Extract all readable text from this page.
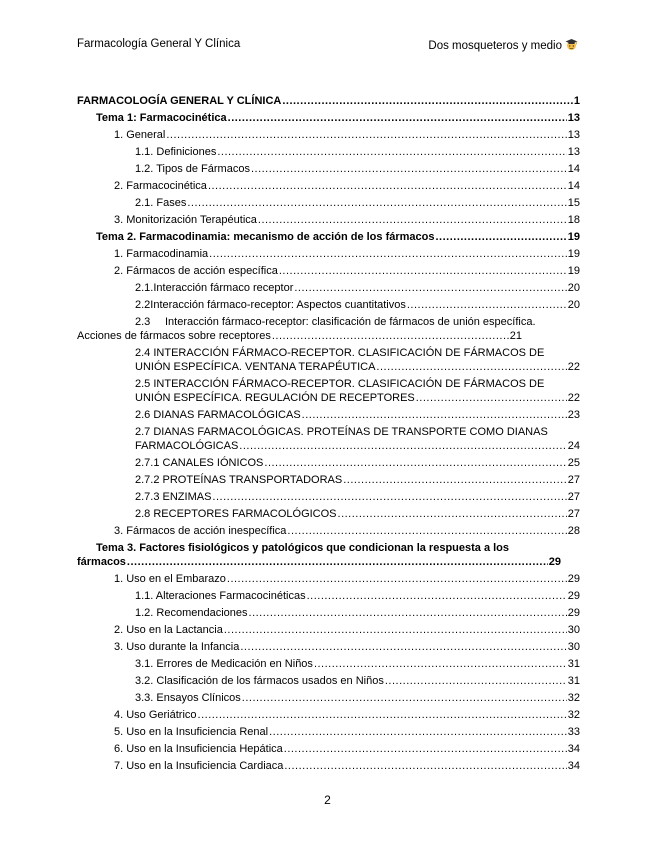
Farmacología General Y Clínica	Dos mosqueteros y medio
FARMACOLOGÍA GENERAL Y CLÍNICA .....	1
Tema 1: Farmacocinética .....	13
1. General .....	13
1.1. Definiciones .....	13
1.2. Tipos de Fármacos .....	14
2. Farmacocinética .....	14
2.1. Fases .....	15
3. Monitorización Terapéutica .....	18
Tema 2. Farmacodinamia: mecanismo de acción de los fármacos .....	19
1. Farmacodinamia .....	19
2. Fármacos de acción específica .....	19
2.1. Interacción fármaco receptor .....	20
2.2 Interacción fármaco-receptor: Aspectos cuantitativos .....	20
2.3 Interacción fármaco-receptor: clasificación de fármacos de unión específica.
Acciones de fármacos sobre receptores .....	21
2.4 INTERACCIÓN FÁRMACO-RECEPTOR. CLASIFICACIÓN DE FÁRMACOS DE
UNIÓN ESPECÍFICA. VENTANA TERAPÉUTICA .....	22
2.5 INTERACCIÓN FÁRMACO-RECEPTOR. CLASIFICACIÓN DE FÁRMACOS DE
UNIÓN ESPECÍFICA. REGULACIÓN DE RECEPTORES .....	22
2.6 DIANAS FARMACOLÓGICAS .....	23
2.7 DIANAS FARMACOLÓGICAS. PROTEÍNAS DE TRANSPORTE COMO DIANAS
FARMACOLÓGICAS .....	24
2.7.1 CANALES IÓNICOS .....	25
2.7.2 PROTEÍNAS TRANSPORTADORAS .....	27
2.7.3 ENZIMAS .....	27
2.8 RECEPTORES FARMACOLÓGICOS .....	27
3. Fármacos de acción inespecífica .....	28
Tema 3. Factores fisiológicos y patológicos que condicionan la respuesta a los
fármacos .....	29
1. Uso en el Embarazo .....	29
1.1. Alteraciones Farmacocinéticas .....	29
1.2. Recomendaciones .....	29
2. Uso en la Lactancia .....	30
3. Uso durante la Infancia .....	30
3.1. Errores de Medicación en Niños .....	31
3.2. Clasificación de los fármacos usados en Niños .....	31
3.3. Ensayos Clínicos .....	32
4. Uso Geriátrico .....	32
5. Uso en la Insuficiencia Renal .....	33
6. Uso en la Insuficiencia Hepática .....	34
7. Uso en la Insuficiencia Cardiaca .....	34
2
